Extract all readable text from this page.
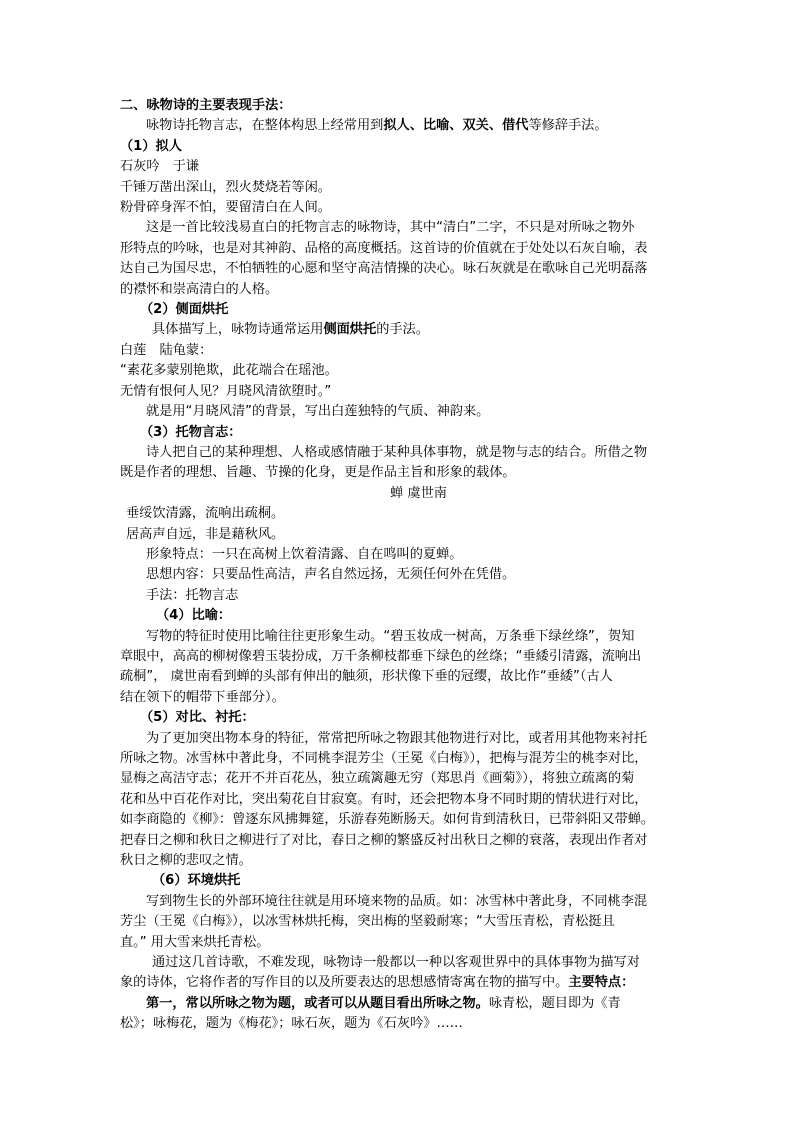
二、咏物诗的主要表现手法：

咏物诗托物言志，在整体构思上经常用到拟人、比喻、双关、借代等修辞手法。

（1）拟人

石灰吟　于谦

千锤万凿出深山，烈火焚烧若等闲。

粉骨碎身浑不怕，要留清白在人间。

这是一首比较浅易直白的托物言志的咏物诗，其中“清白”二字，不只是对所咏之物外

形特点的吟咏，也是对其神韵、品格的高度概括。这首诗的价值就在于处处以石灰自喻，表

达自己为国尽忠，不怕牺牲的心愿和坚守高洁情操的决心。咏石灰就是在歌咏自己光明磊落

的襟怀和崇高清白的人格。

（2）侧面烘托

具体描写上，咏物诗通常运用侧面烘托的手法。

白莲　陆龟蒙：

“素花多蒙别艳欺，此花端合在瑶池。

无情有恨何人见？月晓风清欲堕时。”

就是用“月晓风清”的背景，写出白莲独特的气质、神韵来。

（3）托物言志：

诗人把自己的某种理想、人格或感情融于某种具体事物，就是物与志的结合。所借之物

既是作者的理想、旨趣、节操的化身，更是作品主旨和形象的载体。

蝉 虞世南

垂绥饮清露，流响出疏桐。

居高声自远，非是藉秋风。

形象特点：一只在高树上饮着清露、自在鸣叫的夏蝉。

思想内容：只要品性高洁，声名自然远扬，无须任何外在凭借。

手法：托物言志

（4）比喻：

写物的特征时使用比喻往往更形象生动。“碧玉妆成一树高，万条垂下绿丝绦”，贺知

章眼中，高高的柳树像碧玉装扮成，万千条柳枝都垂下绿色的丝绦；“垂緌引清露，流响出

疏桐”， 虞世南看到蝉的头部有伸出的触须，形状像下垂的冠缨，故比作“垂緌”（古人

结在领下的帽带下垂部分）。

（5）对比、衬托：

为了更加突出物本身的特征，常常把所咏之物跟其他物进行对比，或者用其他物来衬托

所咏之物。冰雪林中著此身，不同桃李混芳尘（王冕《白梅》），把梅与混芳尘的桃李对比，

显梅之高洁守志；花开不并百花丛，独立疏篱趣无穷（郑思肖《画菊》），将独立疏离的菊

花和丛中百花作对比，突出菊花自甘寂寞。有时，还会把物本身不同时期的情状进行对比，

如李商隐的《柳》：曾逐东风拂舞筵，乐游春苑断肠天。如何肯到清秋日，已带斜阳又带蝉。

把春日之柳和秋日之柳进行了对比，春日之柳的繁盛反衬出秋日之柳的衰落，表现出作者对

秋日之柳的悲叹之情。

（6）环境烘托

写到物生长的外部环境往往就是用环境来物的品质。如：冰雪林中著此身，不同桃李混

芳尘（王冕《白梅》），以冰雪林烘托梅，突出梅的坚毅耐寒；“大雪压青松，青松挺且

直。” 用大雪来烘托青松。

通过这几首诗歌，不难发现，咏物诗一般都以一种以客观世界中的具体事物为描写对

象的诗体，它将作者的写作目的以及所要表达的思想感情寄寓在物的描写中。主要特点：

第一，常以所咏之物为题，或者可以从题目看出所咏之物。咏青松，题目即为《青

松》；咏梅花，题为《梅花》；咏石灰，题为《石灰吟》……
